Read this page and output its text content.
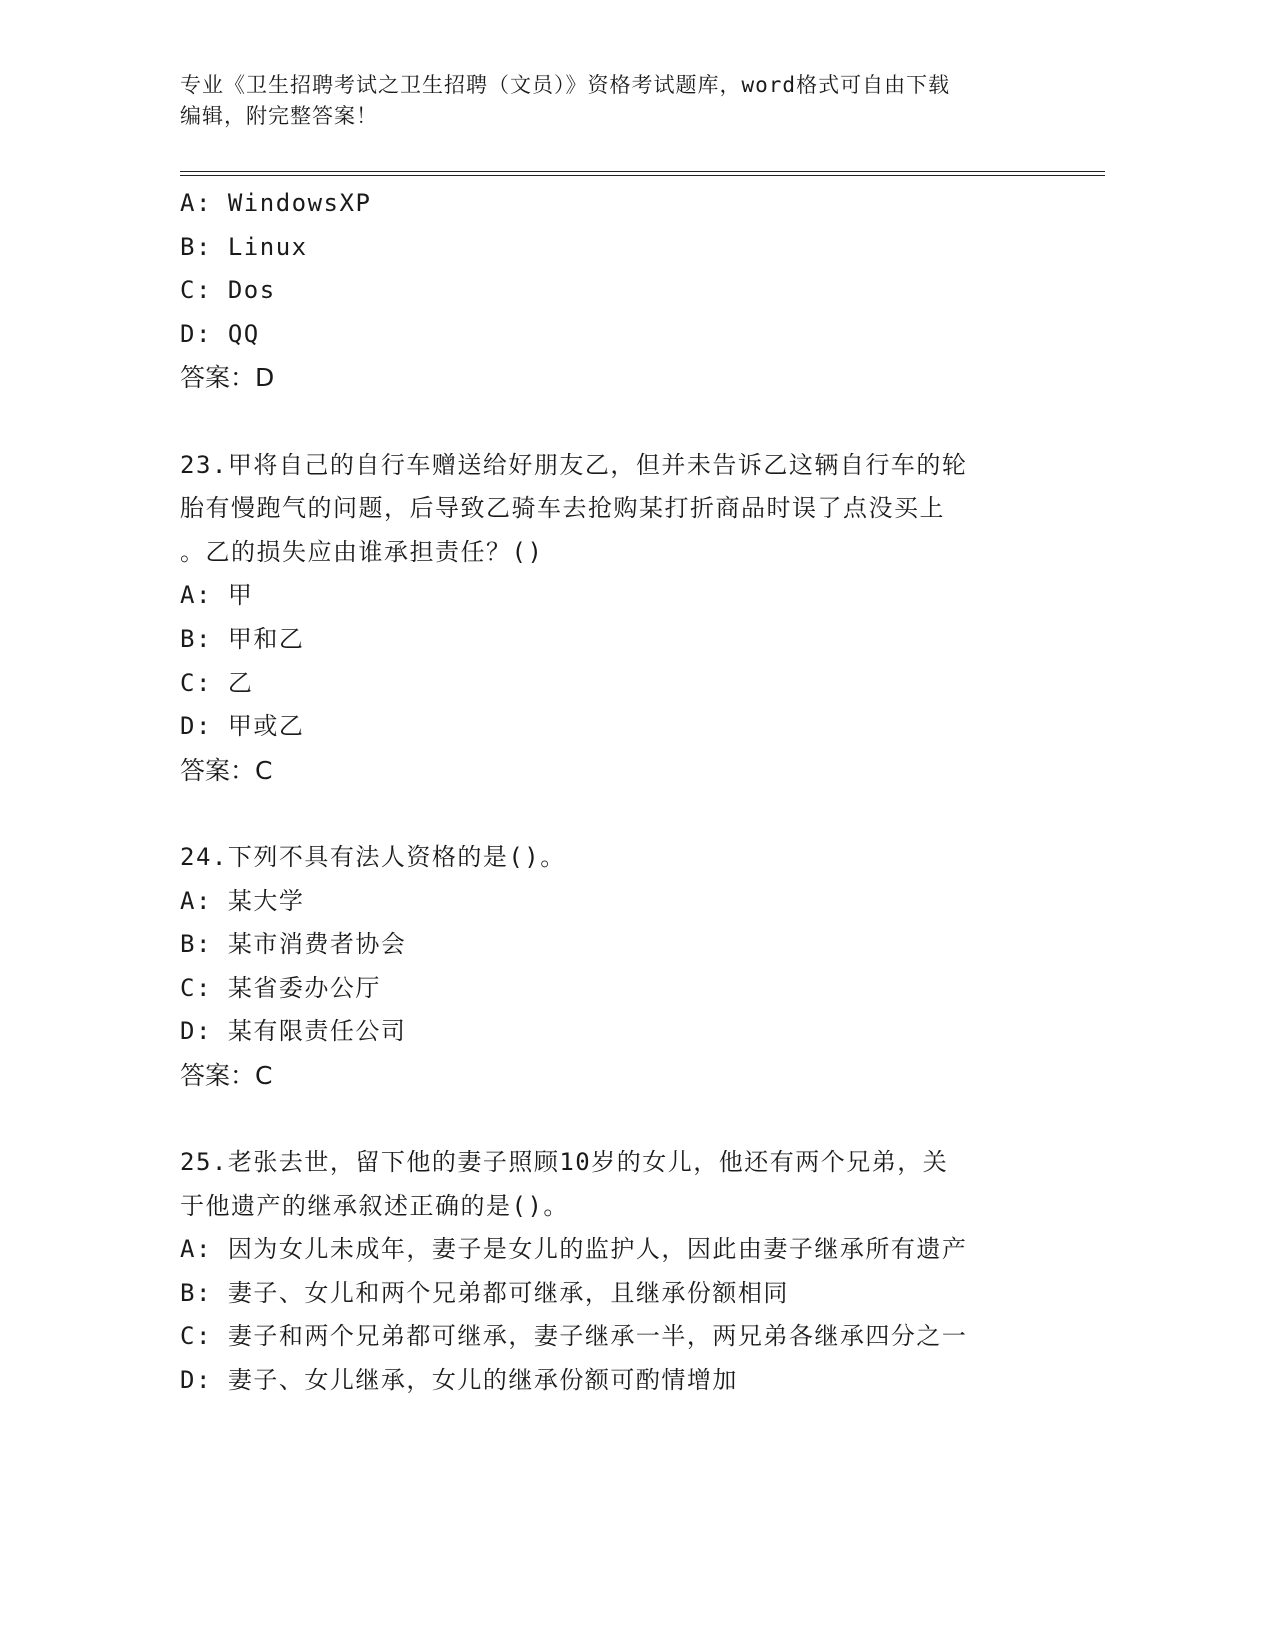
专业《卫生招聘考试之卫生招聘（文员）》资格考试题库，word格式可自由下载
编辑，附完整答案！
A: WindowsXP
B: Linux
C: Dos
D: QQ
答案：D
23.甲将自己的自行车赠送给好朋友乙，但并未告诉乙这辆自行车的轮
胎有慢跑气的问题，后导致乙骑车去抢购某打折商品时误了点没买上
。乙的损失应由谁承担责任？()
A: 甲
B: 甲和乙
C: 乙
D: 甲或乙
答案：C
24.下列不具有法人资格的是()。
A: 某大学
B: 某市消费者协会
C: 某省委办公厅
D: 某有限责任公司
答案：C
25.老张去世，留下他的妻子照顾10岁的女儿，他还有两个兄弟，关
于他遗产的继承叙述正确的是()。
A: 因为女儿未成年，妻子是女儿的监护人，因此由妻子继承所有遗产
B: 妻子、女儿和两个兄弟都可继承，且继承份额相同
C: 妻子和两个兄弟都可继承，妻子继承一半，两兄弟各继承四分之一
D: 妻子、女儿继承，女儿的继承份额可酌情增加
